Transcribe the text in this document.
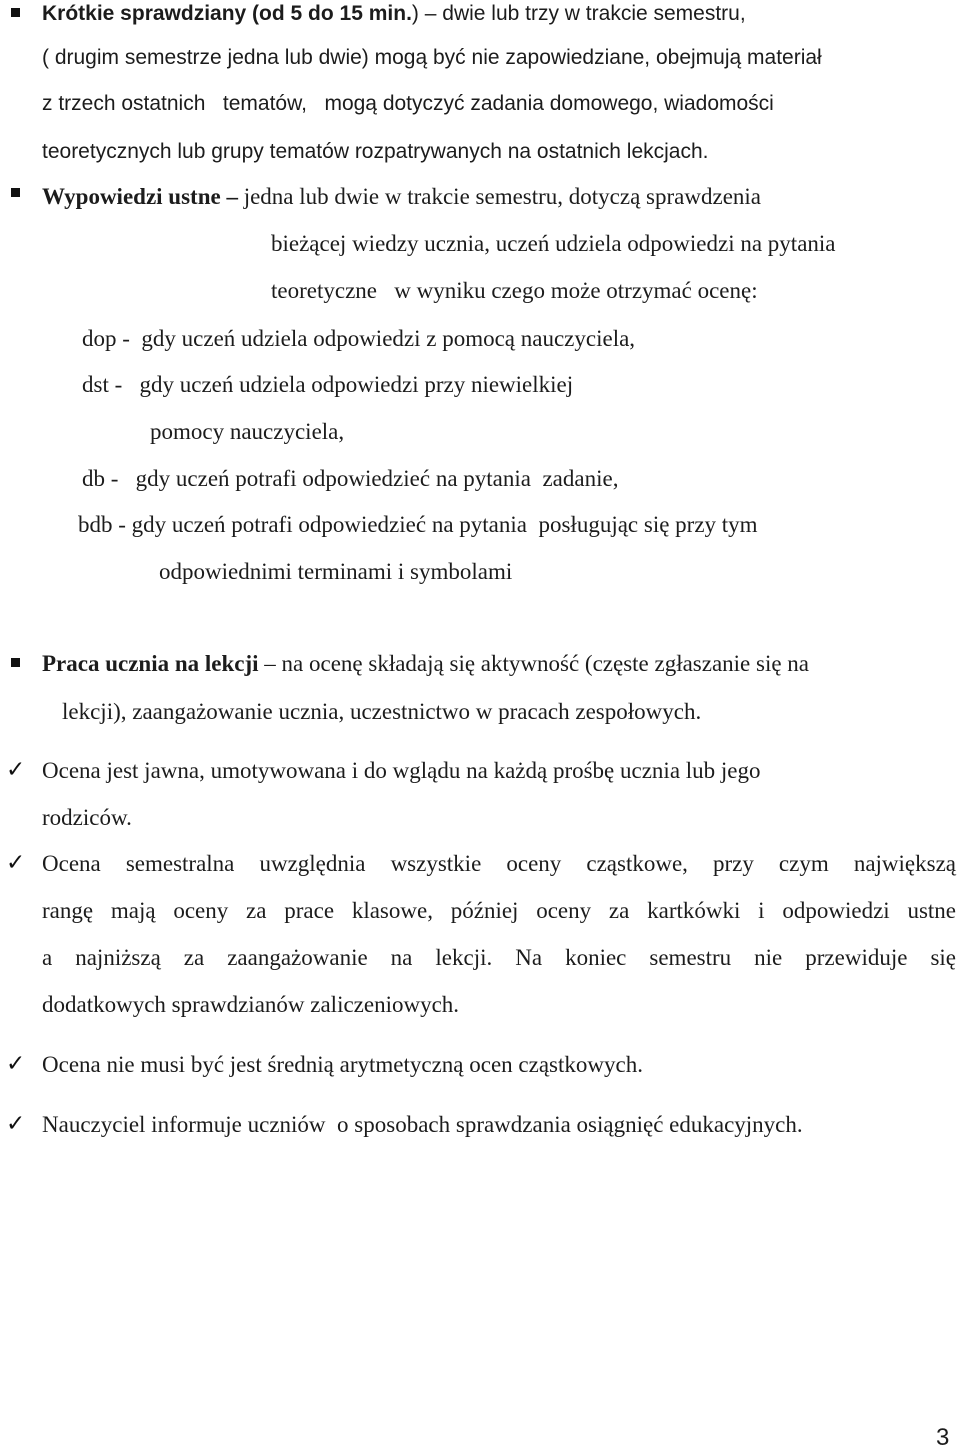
Krótkie sprawdziany (od 5 do 15 min.) – dwie lub trzy w trakcie semestru,
( drugim semestrze jedna lub dwie) mogą być nie zapowiedziane, obejmują materiał
z trzech ostatnich   tematów,   mogą dotyczyć zadania domowego, wiadomości
teoretycznych lub grupy tematów rozpatrywanych na ostatnich lekcjach.
Wypowiedzi ustne – jedna lub dwie w trakcie semestru, dotyczą sprawdzenia
bieżącej wiedzy ucznia, uczeń udziela odpowiedzi na pytania
teoretyczne   w wyniku czego może otrzymać ocenę:
dop -  gdy uczeń udziela odpowiedzi z pomocą nauczyciela,
dst -   gdy uczeń udziela odpowiedzi przy niewielkiej
pomocy nauczyciela,
db -   gdy uczeń potrafi odpowiedzieć na pytania  zadanie,
bdb - gdy uczeń potrafi odpowiedzieć na pytania  posługując się przy tym
odpowiednimi terminami i symbolami
Praca ucznia na lekcji – na ocenę składają się aktywność (częste zgłaszanie się na
lekcji), zaangażowanie ucznia, uczestnictwo w pracach zespołowych.
✓ Ocena jest jawna, umotywowana i do wglądu na każdą prośbę ucznia lub jego
rodziców.
✓ Ocena semestralna uwzględnia wszystkie oceny cząstkowe, przy czym największą
rangę mają oceny za prace klasowe, później oceny za kartkówki i odpowiedzi ustne
a najniższą za zaangażowanie na lekcji. Na koniec semestru nie przewiduje się
dodatkowych sprawdzianów zaliczeniowych.
✓ Ocena nie musi być jest średnią arytmetyczną ocen cząstkowych.
✓ Nauczyciel informuje uczniów  o sposobach sprawdzania osiągnięć edukacyjnych.
3
